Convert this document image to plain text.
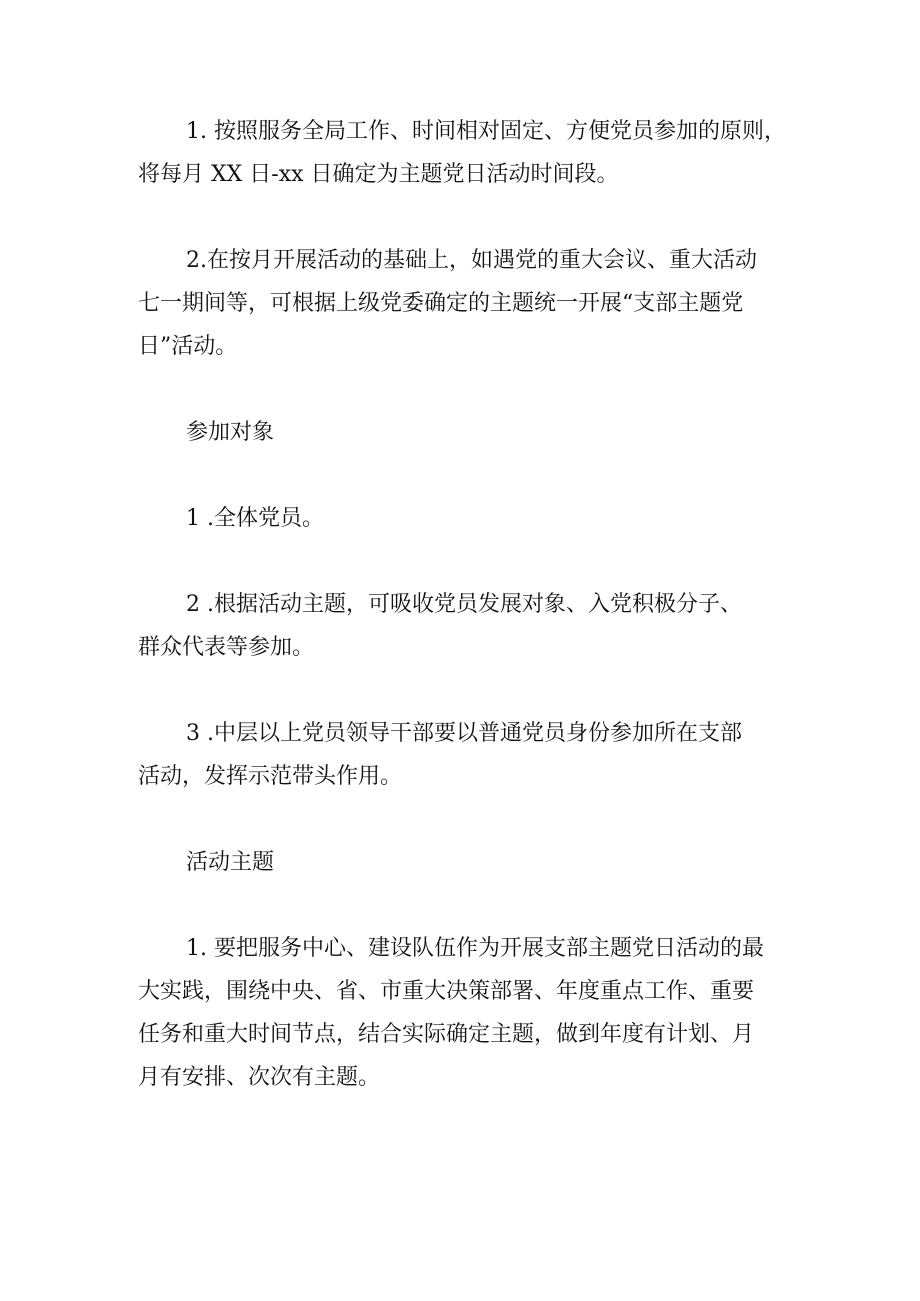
1. 按照服务全局工作、时间相对固定、方便党员参加的原则，
将每月 XX 日-xx 日确定为主题党日活动时间段。

2.在按月开展活动的基础上，如遇党的重大会议、重大活动
七一期间等，可根据上级党委确定的主题统一开展“支部主题党
日”活动。

参加对象

1 .全体党员。

2 .根据活动主题，可吸收党员发展对象、入党积极分子、
群众代表等参加。

3 .中层以上党员领导干部要以普通党员身份参加所在支部
活动，发挥示范带头作用。

活动主题

1. 要把服务中心、建设队伍作为开展支部主题党日活动的最
大实践，围绕中央、省、市重大决策部署、年度重点工作、重要
任务和重大时间节点，结合实际确定主题，做到年度有计划、月
月有安排、次次有主题。
